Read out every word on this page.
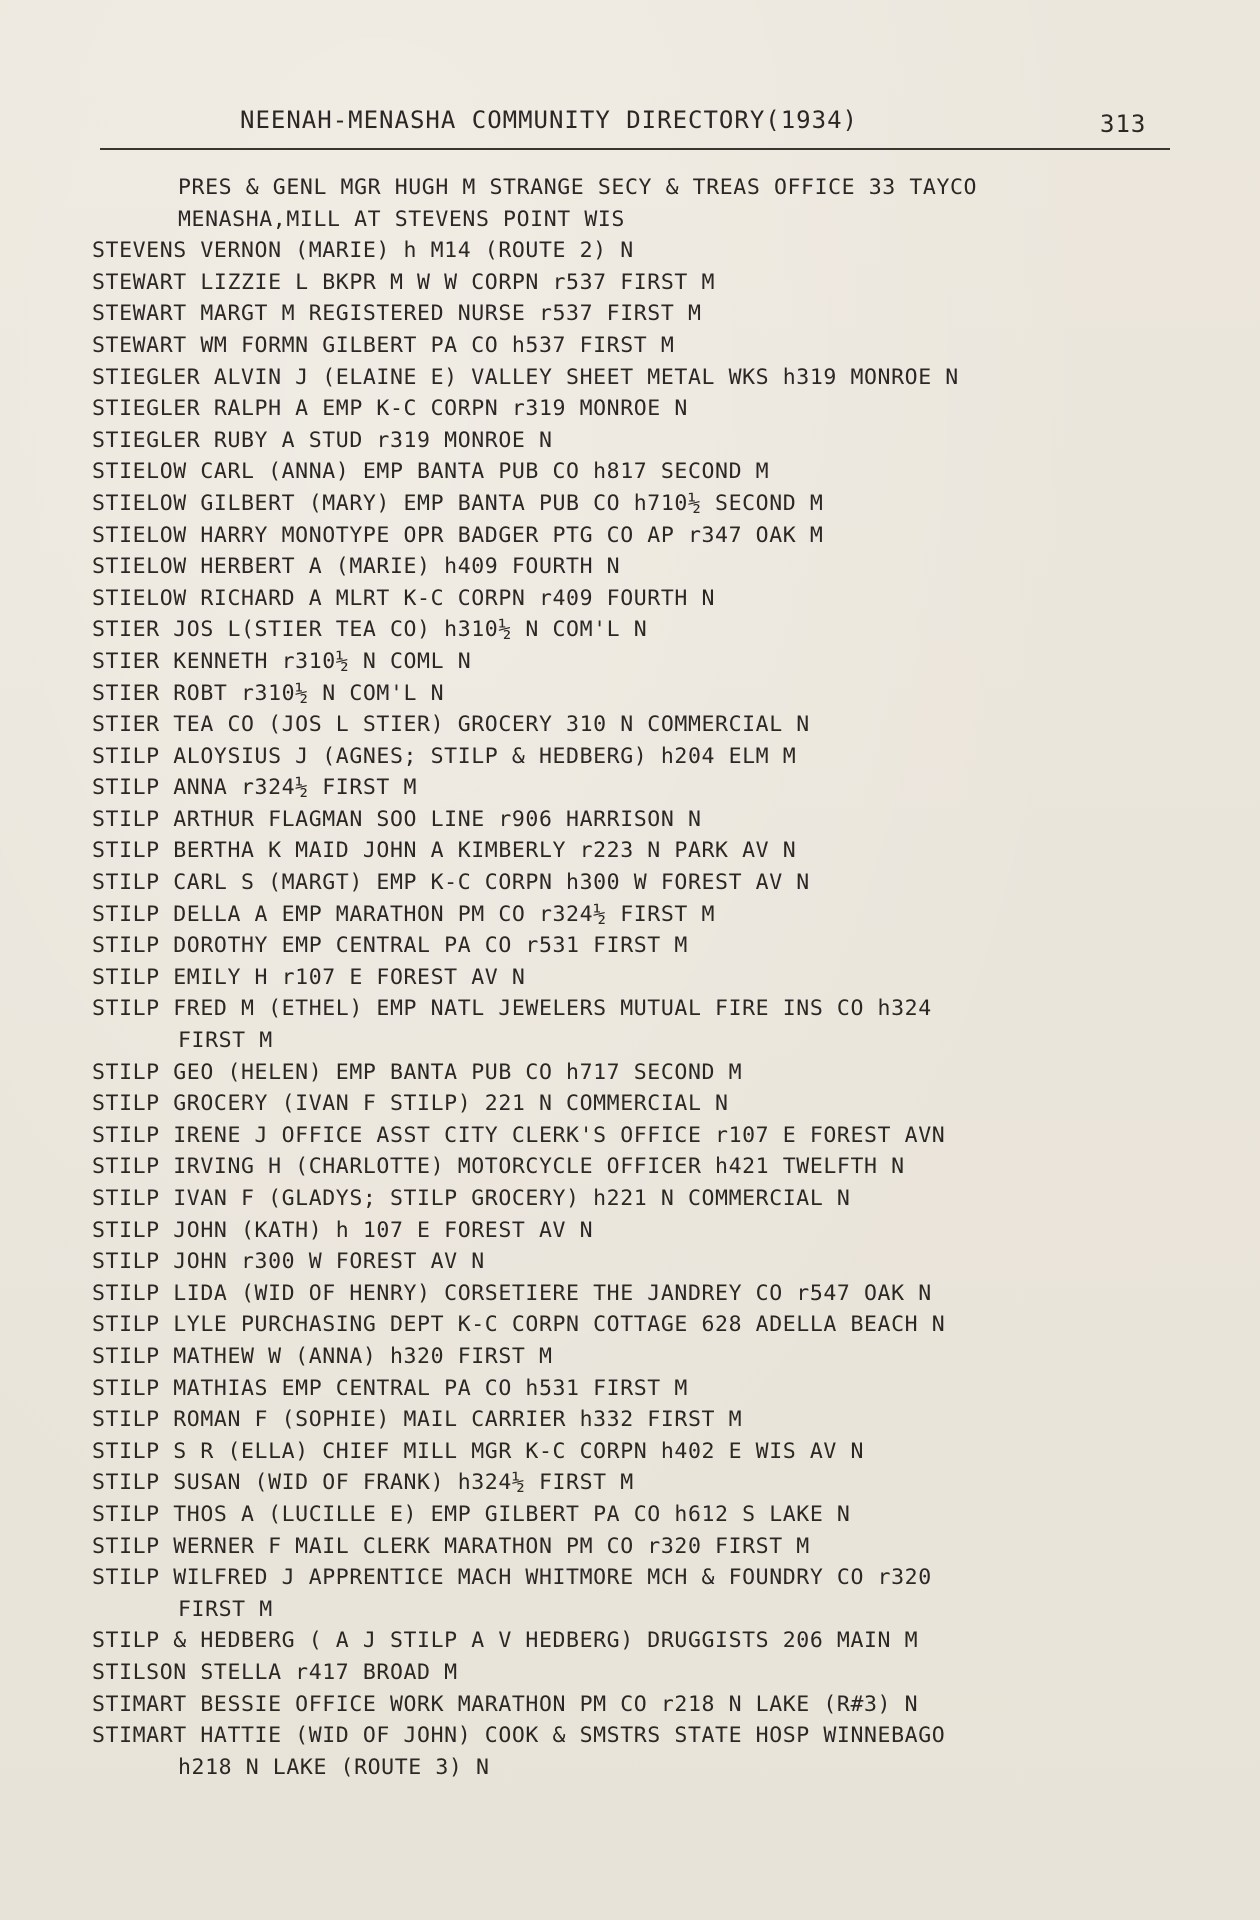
NEENAH-MENASHA COMMUNITY DIRECTORY(1934)	313
PRES & GENL MGR HUGH M STRANGE SECY & TREAS OFFICE 33 TAYCO
MENASHA,MILL AT STEVENS POINT WIS
STEVENS VERNON (MARIE) h M14 (ROUTE 2) N
STEWART LIZZIE L BKPR M W W CORPN r537 FIRST M
STEWART MARGT M REGISTERED NURSE r537 FIRST M
STEWART WM FORMN GILBERT PA CO h537 FIRST M
STIEGLER ALVIN J (ELAINE E) VALLEY SHEET METAL WKS h319 MONROE N
STIEGLER RALPH A EMP K-C CORPN r319 MONROE N
STIEGLER RUBY A STUD r319 MONROE N
STIELOW CARL (ANNA) EMP BANTA PUB CO h817 SECOND M
STIELOW GILBERT (MARY) EMP BANTA PUB CO h710½ SECOND M
STIELOW HARRY MONOTYPE OPR BADGER PTG CO AP r347 OAK M
STIELOW HERBERT A (MARIE) h409 FOURTH N
STIELOW RICHARD A MLRT K-C CORPN r409 FOURTH N
STIER JOS L(STIER TEA CO) h310½ N COM'L N
STIER KENNETH r310½ N COML N
STIER ROBT r310½ N COM'L N
STIER TEA CO (JOS L STIER) GROCERY 310 N COMMERCIAL N
STILP ALOYSIUS J (AGNES; STILP & HEDBERG) h204 ELM M
STILP ANNA r324½ FIRST M
STILP ARTHUR FLAGMAN SOO LINE r906 HARRISON N
STILP BERTHA K MAID JOHN A KIMBERLY r223 N PARK AV N
STILP CARL S (MARGT) EMP K-C CORPN h300 W FOREST AV N
STILP DELLA A EMP MARATHON PM CO r324½ FIRST M
STILP DOROTHY EMP CENTRAL PA CO r531 FIRST M
STILP EMILY H r107 E FOREST AV N
STILP FRED M (ETHEL) EMP NATL JEWELERS MUTUAL FIRE INS CO h324
FIRST M
STILP GEO (HELEN) EMP BANTA PUB CO h717 SECOND M
STILP GROCERY (IVAN F STILP) 221 N COMMERCIAL N
STILP IRENE J OFFICE ASST CITY CLERK'S OFFICE r107 E FOREST AVN
STILP IRVING H (CHARLOTTE) MOTORCYCLE OFFICER h421 TWELFTH N
STILP IVAN F (GLADYS; STILP GROCERY) h221 N COMMERCIAL N
STILP JOHN (KATH) h 107 E FOREST AV N
STILP JOHN r300 W FOREST AV N
STILP LIDA (WID OF HENRY) CORSETIERE THE JANDREY CO r547 OAK N
STILP LYLE PURCHASING DEPT K-C CORPN COTTAGE 628 ADELLA BEACH N
STILP MATHEW W (ANNA) h320 FIRST M
STILP MATHIAS EMP CENTRAL PA CO h531 FIRST M
STILP ROMAN F (SOPHIE) MAIL CARRIER h332 FIRST M
STILP S R (ELLA) CHIEF MILL MGR K-C CORPN h402 E WIS AV N
STILP SUSAN (WID OF FRANK) h324½ FIRST M
STILP THOS A (LUCILLE E) EMP GILBERT PA CO h612 S LAKE N
STILP WERNER F MAIL CLERK MARATHON PM CO r320 FIRST M
STILP WILFRED J APPRENTICE MACH WHITMORE MCH & FOUNDRY CO r320
FIRST M
STILP & HEDBERG ( A J STILP A V HEDBERG) DRUGGISTS 206 MAIN M
STILSON STELLA r417 BROAD M
STIMART BESSIE OFFICE WORK MARATHON PM CO r218 N LAKE (R#3) N
STIMART HATTIE (WID OF JOHN) COOK & SMSTRS STATE HOSP WINNEBAGO
h218 N LAKE (ROUTE 3) N
